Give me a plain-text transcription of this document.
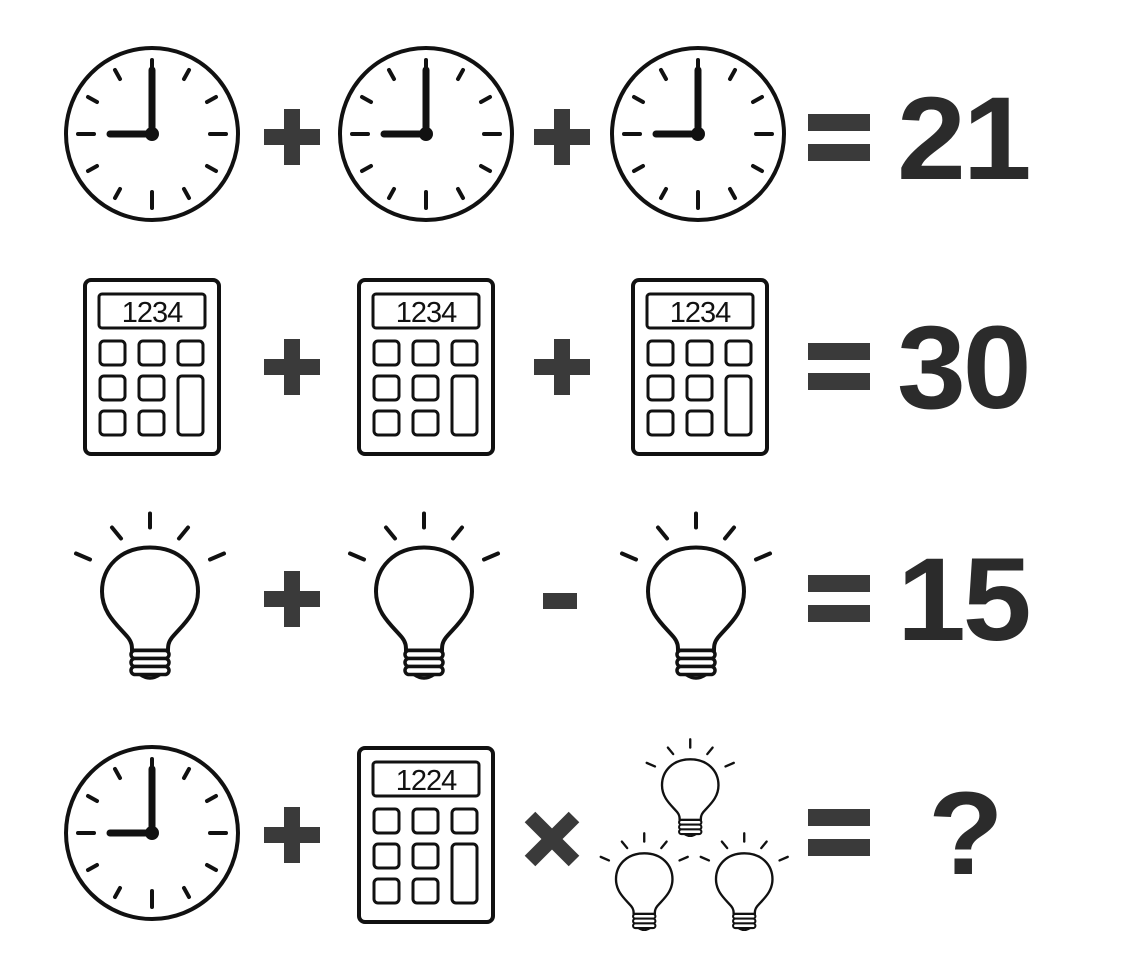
21
1234	1234	1234 30
15
1224	?
